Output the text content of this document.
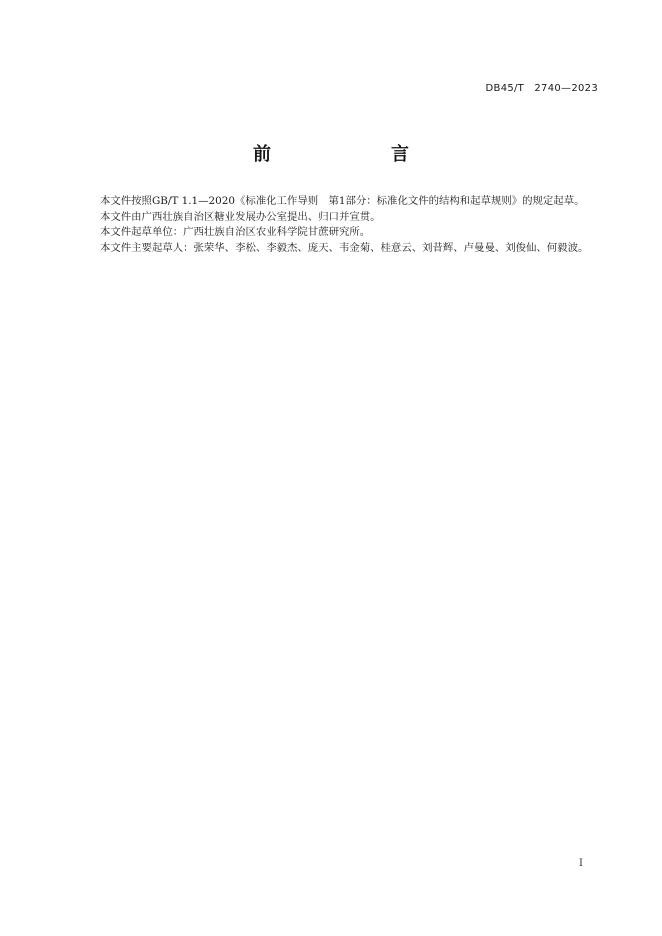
DB45/T　2740—2023
前　　言

本文件按照GB/T 1.1—2020《标准化工作导则　第1部分：标准化文件的结构和起草规则》的规定起草。

本文件由广西壮族自治区糖业发展办公室提出、归口并宣贯。

本文件起草单位：广西壮族自治区农业科学院甘蔗研究所。

本文件主要起草人：张荣华、李松、李毅杰、庞天、韦金菊、桂意云、刘昔辉、卢曼曼、刘俊仙、何毅波。

I
